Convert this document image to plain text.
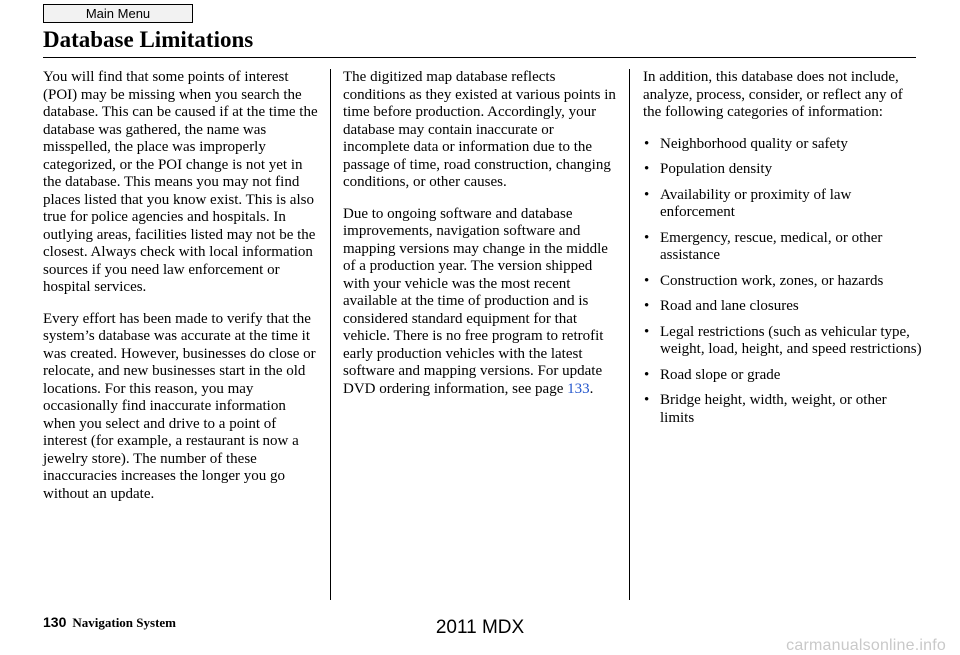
Main Menu
Database Limitations

You will find that some points of interest (POI) may be missing when you search the database. This can be caused if at the time the database was gathered, the name was misspelled, the place was improperly categorized, or the POI change is not yet in the database. This means you may not find places listed that you know exist. This is also true for police agencies and hospitals. In outlying areas, facilities listed may not be the closest. Always check with local information sources if you need law enforcement or hospital services.

Every effort has been made to verify that the system’s database was accurate at the time it was created. However, businesses do close or relocate, and new businesses start in the old locations. For this reason, you may occasionally find inaccurate information when you select and drive to a point of interest (for example, a restaurant is now a jewelry store). The number of these inaccuracies increases the longer you go without an update.

The digitized map database reflects conditions as they existed at various points in time before production. Accordingly, your database may contain inaccurate or incomplete data or information due to the passage of time, road construction, changing conditions, or other causes.

Due to ongoing software and database improvements, navigation software and mapping versions may change in the middle of a production year. The version shipped with your vehicle was the most recent available at the time of production and is considered standard equipment for that vehicle. There is no free program to retrofit early production vehicles with the latest software and mapping versions. For update DVD ordering information, see page 133.

In addition, this database does not include, analyze, process, consider, or reflect any of the following categories of information:

• Neighborhood quality or safety
• Population density
• Availability or proximity of law enforcement
• Emergency, rescue, medical, or other assistance
• Construction work, zones, or hazards
• Road and lane closures
• Legal restrictions (such as vehicular type, weight, load, height, and speed restrictions)
• Road slope or grade
• Bridge height, width, weight, or other limits
130 Navigation System	2011 MDX
carmanualsonline.info
